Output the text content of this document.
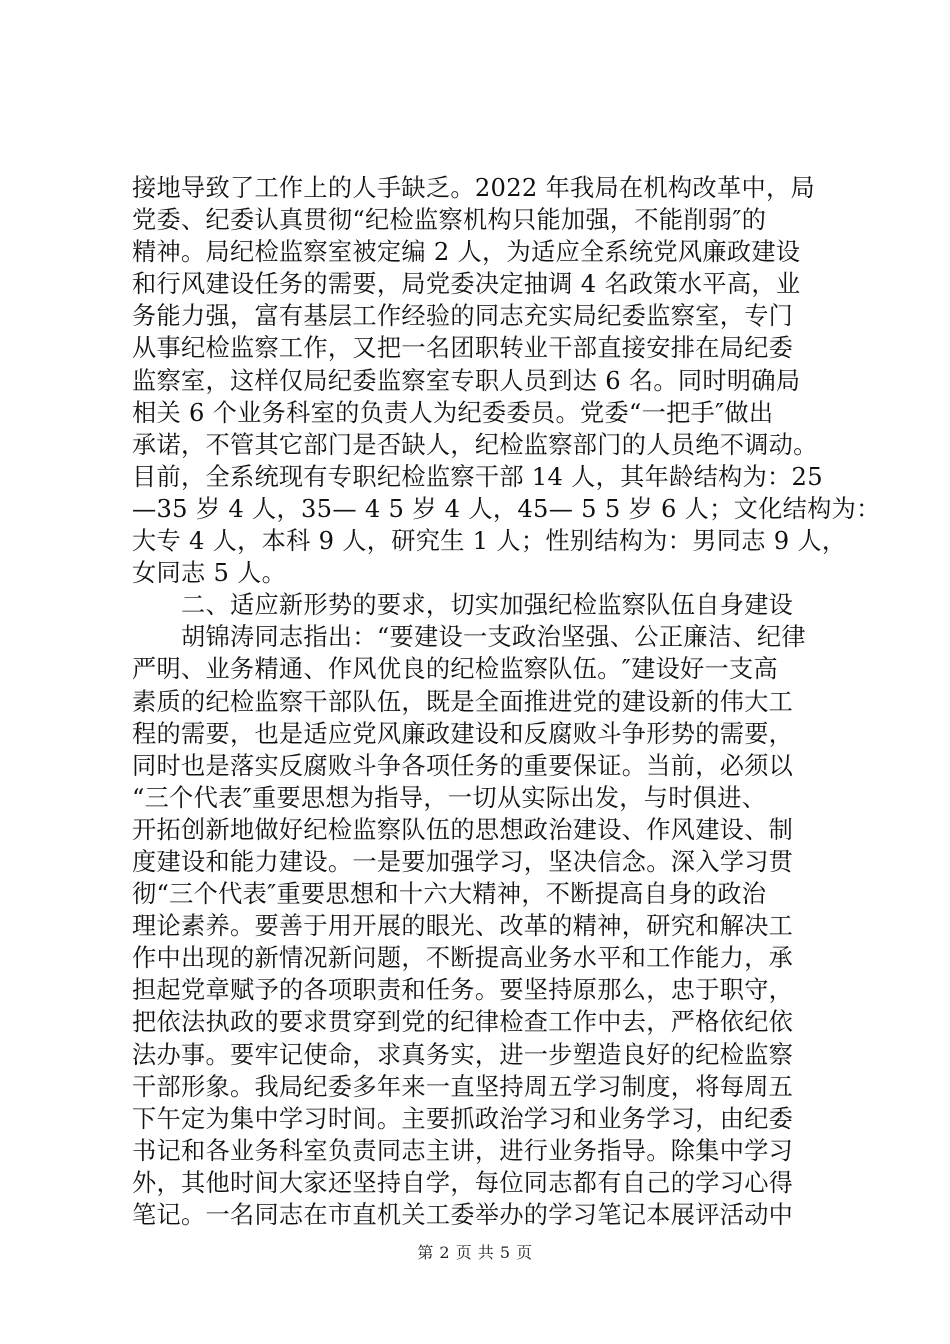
接地导致了工作上的人手缺乏。2022 年我局在机构改革中，局
党委、纪委认真贯彻“纪检监察机构只能加强，不能削弱″的
精神。局纪检监察室被定编 2 人，为适应全系统党风廉政建设
和行风建设任务的需要，局党委决定抽调 4 名政策水平高，业
务能力强，富有基层工作经验的同志充实局纪委监察室，专门
从事纪检监察工作，又把一名团职转业干部直接安排在局纪委
监察室，这样仅局纪委监察室专职人员到达 6 名。同时明确局
相关 6 个业务科室的负责人为纪委委员。党委“一把手″做出
承诺，不管其它部门是否缺人，纪检监察部门的人员绝不调动。
目前，全系统现有专职纪检监察干部 14 人，其年龄结构为：25
—35 岁 4 人，35— 4 5 岁 4 人，45— 5 5 岁 6 人；文化结构为：
大专 4 人，本科 9 人，研究生 1 人；性别结构为：男同志 9 人，
女同志 5 人。
　　二、适应新形势的要求，切实加强纪检监察队伍自身建设
　　胡锦涛同志指出：“要建设一支政治坚强、公正廉洁、纪律
严明、业务精通、作风优良的纪检监察队伍。″建设好一支高
素质的纪检监察干部队伍，既是全面推进党的建设新的伟大工
程的需要，也是适应党风廉政建设和反腐败斗争形势的需要，
同时也是落实反腐败斗争各项任务的重要保证。当前，必须以
“三个代表″重要思想为指导，一切从实际出发，与时俱进、
开拓创新地做好纪检监察队伍的思想政治建设、作风建设、制
度建设和能力建设。一是要加强学习，坚决信念。深入学习贯
彻“三个代表″重要思想和十六大精神，不断提高自身的政治
理论素养。要善于用开展的眼光、改革的精神，研究和解决工
作中出现的新情况新问题，不断提高业务水平和工作能力，承
担起党章赋予的各项职责和任务。要坚持原那么，忠于职守，
把依法执政的要求贯穿到党的纪律检查工作中去，严格依纪依
法办事。要牢记使命，求真务实，进一步塑造良好的纪检监察
干部形象。我局纪委多年来一直坚持周五学习制度，将每周五
下午定为集中学习时间。主要抓政治学习和业务学习，由纪委
书记和各业务科室负责同志主讲，进行业务指导。除集中学习
外，其他时间大家还坚持自学，每位同志都有自己的学习心得
笔记。一名同志在市直机关工委举办的学习笔记本展评活动中
第 2 页 共 5 页
